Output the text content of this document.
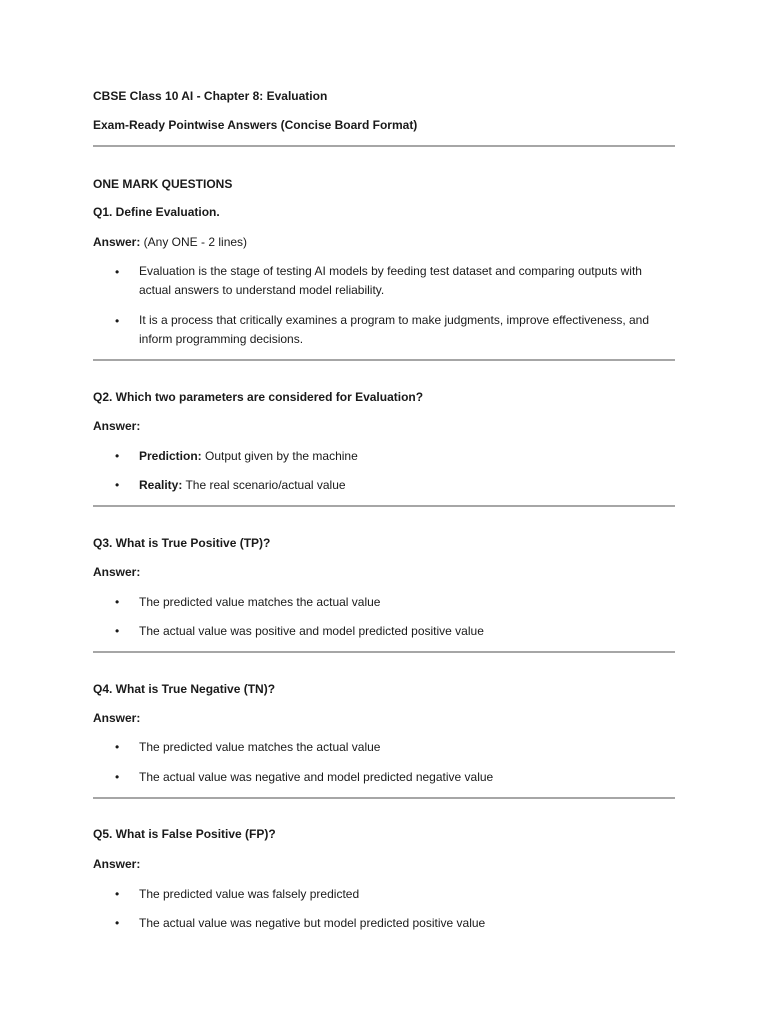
CBSE Class 10 AI - Chapter 8: Evaluation
Exam-Ready Pointwise Answers (Concise Board Format)
ONE MARK QUESTIONS
Q1. Define Evaluation.
Answer: (Any ONE - 2 lines)
• Evaluation is the stage of testing AI models by feeding test dataset and comparing outputs with actual answers to understand model reliability.
• It is a process that critically examines a program to make judgments, improve effectiveness, and inform programming decisions.
Q2. Which two parameters are considered for Evaluation?
Answer:
• Prediction: Output given by the machine
• Reality: The real scenario/actual value
Q3. What is True Positive (TP)?
Answer:
• The predicted value matches the actual value
• The actual value was positive and model predicted positive value
Q4. What is True Negative (TN)?
Answer:
• The predicted value matches the actual value
• The actual value was negative and model predicted negative value
Q5. What is False Positive (FP)?
Answer:
• The predicted value was falsely predicted
• The actual value was negative but model predicted positive value
